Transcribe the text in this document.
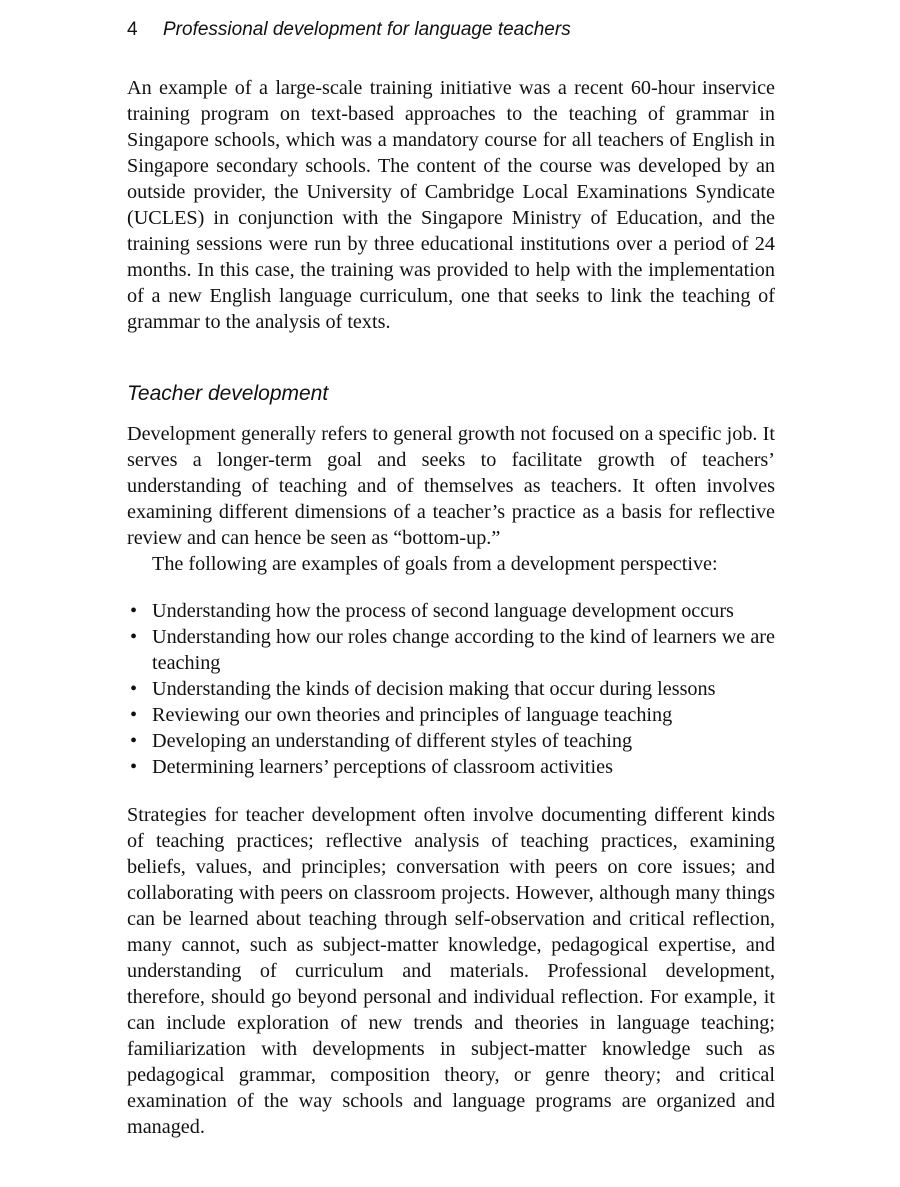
4 Professional development for language teachers

An example of a large-scale training initiative was a recent 60-hour inservice training program on text-based approaches to the teaching of grammar in Singapore schools, which was a mandatory course for all teachers of English in Singapore secondary schools. The content of the course was developed by an outside provider, the University of Cambridge Local Examinations Syndicate (UCLES) in conjunction with the Singapore Ministry of Education, and the training sessions were run by three educational institutions over a period of 24 months. In this case, the training was provided to help with the implementation of a new English language curriculum, one that seeks to link the teaching of grammar to the analysis of texts.

Teacher development

Development generally refers to general growth not focused on a specific job. It serves a longer-term goal and seeks to facilitate growth of teachers’ understanding of teaching and of themselves as teachers. It often involves examining different dimensions of a teacher’s practice as a basis for reflective review and can hence be seen as “bottom-up.”

The following are examples of goals from a development perspective:

• Understanding how the process of second language development occurs
• Understanding how our roles change according to the kind of learners we are teaching
• Understanding the kinds of decision making that occur during lessons
• Reviewing our own theories and principles of language teaching
• Developing an understanding of different styles of teaching
• Determining learners’ perceptions of classroom activities

Strategies for teacher development often involve documenting different kinds of teaching practices; reflective analysis of teaching practices, examining beliefs, values, and principles; conversation with peers on core issues; and collaborating with peers on classroom projects. However, although many things can be learned about teaching through self-observation and critical reflection, many cannot, such as subject-matter knowledge, pedagogical expertise, and understanding of curriculum and materials. Professional development, therefore, should go beyond personal and individual reflection. For example, it can include exploration of new trends and theories in language teaching; familiarization with developments in subject-matter knowledge such as pedagogical grammar, composition theory, or genre theory; and critical examination of the way schools and language programs are organized and managed.
